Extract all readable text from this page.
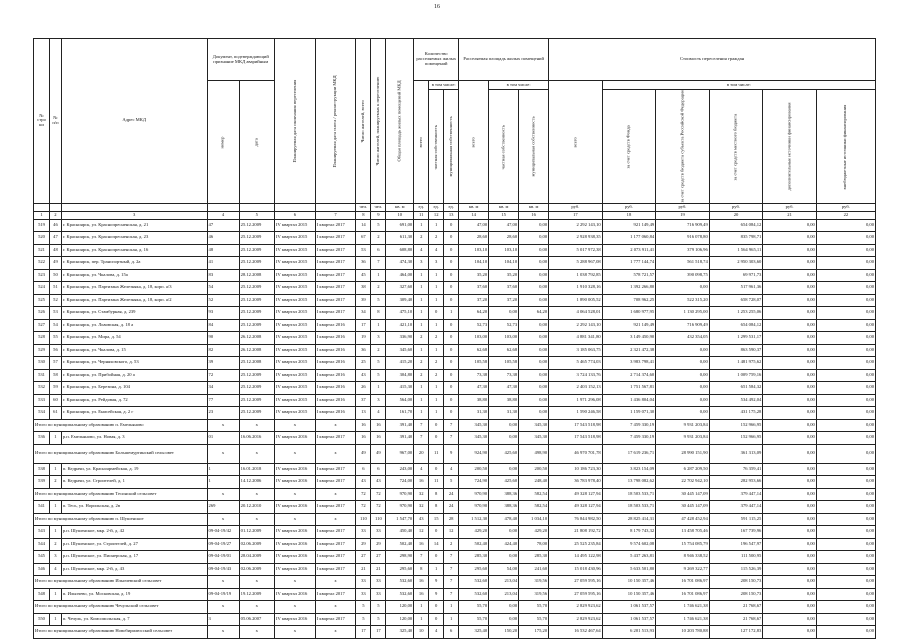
16
№ стро ки	№ п/п	Адрес МКД	Документ, подтверждающий признание МКД аварийным		Планируемая дата окончания переселения	Планируемая дата сноса / реконструкции МКД	Число жителей, всего	Число жителей, планируемых к переселению	Общая площадь жилых помещений МКД	Количество расселяемых жилых помещений			Расселяемая площадь жилых помещений			Стоимость переселения граждан					
			номер	дата						всего	в том числе:		всего	в том числе:		всего	в том числе:				
											частная собственность	муниципальная собственность		частная собственность	муниципальная собственность		за счет средств Фонда	за счет средств бюджета субъекта Российской Федерации	за счет средств местного бюджета	дополнительные источники финансирования	внебюджетные источники финансирования
							чел.	чел.	кв. м	ед.	ед.	ед.	кв. м	кв. м	кв. м	руб.	руб.	руб.	руб.	руб.	руб.
1	2	3	4	5	6	7	8	9	10	11	12	13	14	15	16	17	18	19	20	21	22
519	46	г. Красноярск, ул. Краснопресненская, д. 21	47	25.12.2009	IV квартал 2015	I квартал 2017	14	5	691,00	1	1	0	47,00	47,00	0,00	2 292 143,10	921 149,49	716 909,49	654 084,12	0,00	0,00
520	47	г. Красноярск, ул. Краснопресненская, д. 23	46	25.12.2009	IV квартал 2015	I квартал 2017	67	2	611,30	2	2	0	28,60	28,60	0,00	2 928 938,35	1 177 060,84	916 078,80	835 798,71	0,00	0,00
521	48	г. Красноярск, ул. Краснопресненская, д. 16	48	25.12.2009	IV квартал 2015	I квартал 2017	53	6	608,80	4	4	0	103,10	103,10	0,00	5 017 972,38	2 073 911,41	379 106,96	1 564 965,11	0,00	0,00
522	49	г. Красноярск, пер. Транспортный, д. 2а	41	25.12.2009	IV квартал 2015	I квартал 2017	36	7	474,30	3	3	0	104,10	104,10	0,00	5 288 967,08	1 777 144,74	561 518,74	2 950 303,60	0,00	0,00
523	50	г. Красноярск, ул. Чкалова, д. 15а	83	28.12.2008	IV квартал 2015	I квартал 2017	45	1	464,00	1	1	0	35,20	35,20	0,00	1 038 792,85	578 721,57	390 098,75	69 971,73	0,00	0,00
524	51	г. Красноярск, ул. Партизана Железняка, д. 18, корп. а/3	54	25.12.2009	IV квартал 2015	I квартал 2017	38	2	327,60	1	1	0	37,60	37,60	0,00	1 910 328,16	1 392 266,80	0,00	517 961,36	0,00	0,00
525	52	г. Красноярск, ул. Партизана Железняка, д. 18, корп. а/2	52	25.12.2009	IV квартал 2015	I квартал 2017	39	5	309,40	1	1	0	37,20	37,20	0,00	1 890 005,52	708 962,25	522 315,20	658 728,07	0,00	0,00
526	53	г. Красноярск, ул. Стамбурная, д. 239	93	25.12.2009	IV квартал 2015	I квартал 2017	34	8	475,10	1	0	1	64,20	0,00	64,20	4 064 528,01	1 680 977,95	1 130 295,00	1 253 255,06	0,00	0,00
527	54	г. Красноярск, ул. Львовская, д. 18 а	84	25.12.2009	IV квартал 2015	I квартал 2016	17	1	421,10	1	1	0	52,73	52,73	0,00	2 292 143,10	921 149,49	716 909,49	654 084,12	0,00	0,00
528	55	г. Красноярск, ул. Мира, д. 54	90	26.12.2008	IV квартал 2015	I квартал 2016	19	3	336,90	2	2	0	103,00	103,00	0,00	4 881 341,80	3 149 450,90	432 354,05	1 299 531,17	0,00	0,00
529	56	г. Красноярск, ул. Чкалова, д. 15	82	26.12.2008	IV квартал 2015	I квартал 2016	36	2	345,60	1	1	0	62,68	62,68	0,00	3 185 063,75	2 321 472,38	0,00	863 590,37	0,00	0,00
530	57	г. Красноярск, ул. Черняховского, д. 53	39	25.12.2008	IV квартал 2015	I квартал 2016	25	5	415,20	2	2	0	105,58	105,58	0,00	5 465 774,03	3 983 798,41	0,00	1 481 975,62	0,00	0,00
531	58	г. Красноярск, ул. Прибойная, д. 20 а	72	25.12.2009	IV квартал 2015	I квартал 2016	43	5	304,80	2	2	0	73,38	73,38	0,00	3 724 133,76	2 714 374,60	0,00	1 009 759,16	0,00	0,00
532	59	г. Красноярск, ул. Березина, д. 104	34	25.12.2009	IV квартал 2015	I квартал 2016	26	1	415,30	1	1	0	47,30	47,30	0,00	2 403 152,13	1 751 567,81	0,00	651 584,32	0,00	0,00
533	60	г. Красноярск, ул. Рейдовая, д. 72	77	25.12.2009	IV квартал 2015	I квартал 2016	37	3	564,00	1	1	0	38,80	38,80	0,00	1 971 296,08	1 436 804,04	0,00	534 492,04	0,00	0,00
534	61	г. Красноярск, ул. Енисейская, д. 2 г	23	25.12.2009	IV квартал 2015	I квартал 2016	13	4	161,70	1	1	0	31,30	31,30	0,00	1 590 246,58	1 159 071,30	0,00	431 175,28	0,00	0,00
Итого по муниципальному образованию п. Емельяново			x	x	x	x	16	16	391,40	7	0	7	345,30	0,00	345,30	17 543 518,98	7 459 330,19	9 931 203,84	152 966,95	0,00	0,00
536	1	р.п. Емельяново, ул. Новая, д. 3	01	16.06.2016	IV квартал 2016	I квартал 2017	16	16	391,40	7	0	7	345,30	0,00	345,30	17 543 518,98	7 459 330,19	9 931 203,84	152 966,95	0,00	0,00
Итого по муниципальному образованию Большемуртинский сельсовет			x	x	x	x	49	49	967,00	20	11	9	924,90	425,60	498,90	46 970 701,78	17 619 236,71	28 990 151,90	361 313,09	0,00	0,00
538	1	п. Кедрачи, ул. Красноармейская, д. 19	1	16.01.2018	IV квартал 2016	I квартал 2017	6	6	243,00	4	0	4	200,50	0,00	200,50	10 186 723,30	3 823 154,09	6 287 209,50	76 359,41	0,00	0,00
539	2	п. Кедрачи, ул. Строителей, д. 1	1	14.12.2006	IV квартал 2016	I квартал 2017	43	43	724,00	16	11	5	724,90	425,60	248,40	36 783 978,40	13 798 082,62	22 702 942,10	282 953,66	0,00	0,00
Итого по муниципальному образованию Тесинский сельсовет			x	x	x	x	72	72	970,90	32	8	24	970,90	388,36	582,54	49 328 127,94	18 503 533,71	30 445 147,09	379 447,14	0,00	0,00
541	1	п. Тесь, ул. Норильская, д. 2в	269	20.12.2010	IV квартал 2016	I квартал 2017	72	72	970,90	32	8	24	970,90	388,36	582,54	49 328 127,94	18 503 533,71	30 445 147,09	379 447,14	0,00	0,00
Итого по муниципальному образованию п. Шушенское			x	x	x	x	110	110	1 547,70	43	15	28	1 512,30	478,40	1 034,10	76 844 982,50	28 825 414,31	47 428 452,94	591 115,25	0,00	0,00
543	1	р.п. Шушенское, мкр. 2-й, д. 42	09-04-19/42	01.12.2009	IV квартал 2016	I квартал 2017	33	33	450,40	12	0	12	429,20	0,00	429,20	21 808 192,72	8 179 743,32	13 458 705,46	167 739,96	0,00	0,00
544	2	р.п. Шушенское, ул. Строителей, д. 27	09-04-19/27	02.06.2009	IV квартал 2016	I квартал 2017	29	29	502,40	16	14	2	502,40	424,40	78,00	25 525 235,84	9 574 602,08	15 754 085,79	196 547,97	0,00	0,00
545	3	р.п. Шушенское, ул. Пионерская, д. 17	09-04-19/01	28.04.2009	IV квартал 2016	I квартал 2017	27	27	298,90	7	0	7	285,30	0,00	285,30	14 495 122,98	5 437 263,81	8 946 338,52	111 500,95	0,00	0,00
546	4	р.п. Шушенское, мкр. 2-й, д. 43	09-04-19/43	02.06.2009	IV квартал 2016	I квартал 2017	21	21	295,60	8	1	7	295,60	54,00	241,60	15 018 430,96	5 633 501,80	9 269 322,77	115 526,39	0,00	0,00
Итого по муниципальному образованию Ильичевский сельсовет			x	x	x	x	33	33	532,60	16	9	7	532,60	213,04	319,56	27 059 595,16	10 150 357,46	16 701 086,97	208 150,73	0,00	0,00
548	1	п. Ильичево, ул. Московская, д. 19	09-04-19/19	19.12.2009	IV квартал 2016	I квартал 2017	33	33	532,60	16	9	7	532,60	213,04	319,56	27 059 595,16	10 150 357,46	16 701 086,97	208 150,73	0,00	0,00
Итого по муниципальному образованию Чечульский сельсовет			x	x	x	x	5	5	120,00	1	0	1	55,70	0,00	55,70	2 829 923,62	1 061 537,57	1 746 621,38	21 768,67	0,00	0,00
550	1	п. Чечуль, ул. Комсомольская, д. 7	3	05.06.2007	IV квартал 2016	I квартал 2017	5	5	120,00	1	0	1	55,70	0,00	55,70	2 829 923,62	1 061 537,57	1 746 621,38	21 768,67	0,00	0,00
Итого по муниципальному образованию Новобирилюсский сельсовет			x	x	x	x	17	17	325,40	10	4	6	325,40	150,20	175,20	16 532 467,64	6 201 513,93	10 203 780,88	127 172,83	0,00	0,00
